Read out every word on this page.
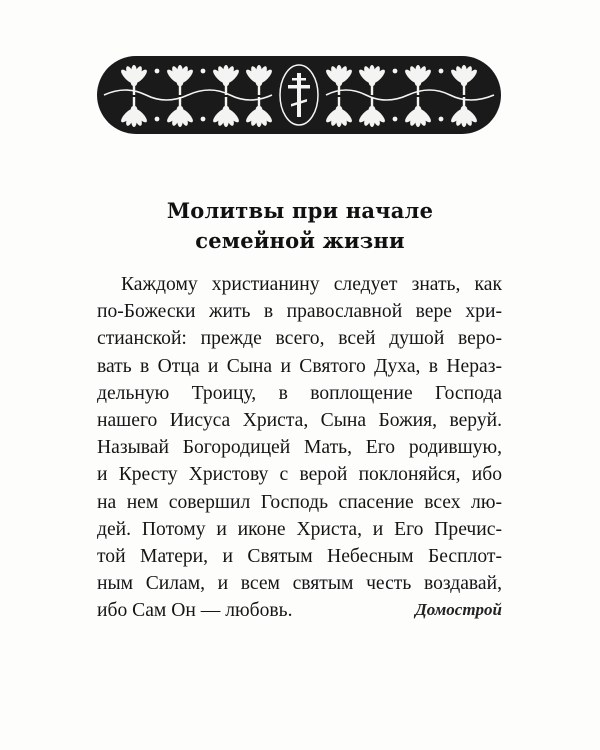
Молитвы при начале
семейной жизни
Каждому христианину следует знать, как
по-Божески жить в православной вере хри-
стианской: прежде всего, всей душой веро-
вать в Отца и Сына и Святого Духа, в Нераз-
дельную Троицу, в воплощение Господа
нашего Иисуса Христа, Сына Божия, веруй.
Называй Богородицей Мать, Его родившую,
и Кресту Христову с верой поклоняйся, ибо
на нем совершил Господь спасение всех лю-
дей. Потому и иконе Христа, и Его Пречис-
той Матери, и Святым Небесным Бесплот-
ным Силам, и всем святым честь воздавай,
ибо Сам Он — любовь.	Домострой
